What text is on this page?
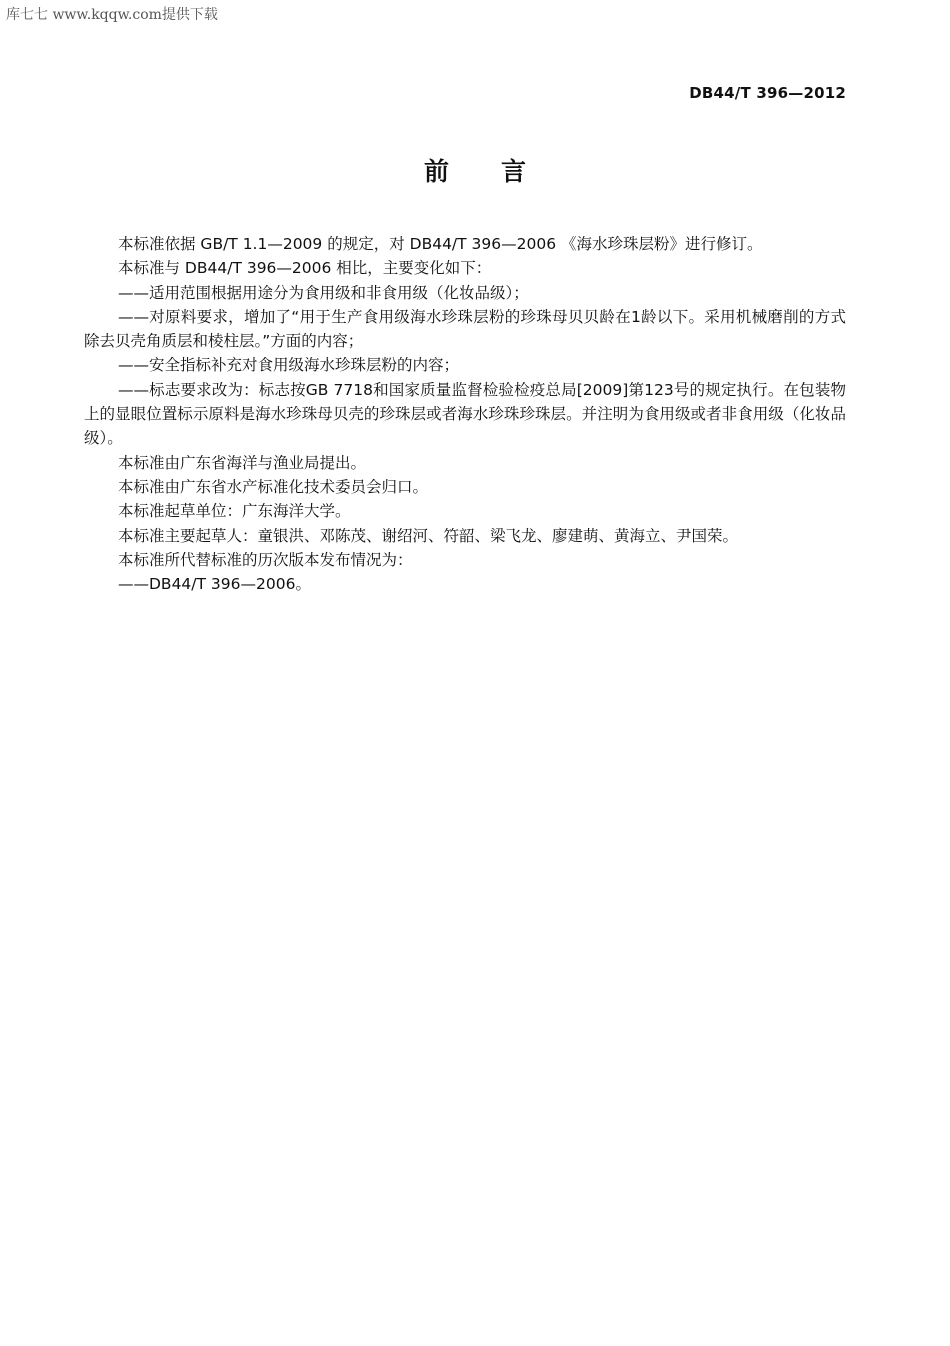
库七七 www.kqqw.com提供下载
DB44/T 396—2012
前言

本标准依据 GB/T 1.1—2009 的规定，对 DB44/T 396—2006 《海水珍珠层粉》进行修订。

本标准与 DB44/T 396—2006 相比，主要变化如下：

——适用范围根据用途分为食用级和非食用级（化妆品级）；

——对原料要求，增加了“用于生产食用级海水珍珠层粉的珍珠母贝贝龄在1龄以下。采用机械磨削的方式除去贝壳角质层和棱柱层。”方面的内容；

——安全指标补充对食用级海水珍珠层粉的内容；

——标志要求改为：标志按GB 7718和国家质量监督检验检疫总局[2009]第123号的规定执行。在包装物上的显眼位置标示原料是海水珍珠母贝壳的珍珠层或者海水珍珠珍珠层。并注明为食用级或者非食用级（化妆品级）。

本标准由广东省海洋与渔业局提出。

本标准由广东省水产标准化技术委员会归口。

本标准起草单位：广东海洋大学。

本标准主要起草人：童银洪、邓陈茂、谢绍河、符韶、梁飞龙、廖建萌、黄海立、尹国荣。

本标准所代替标准的历次版本发布情况为：

——DB44/T 396—2006。
